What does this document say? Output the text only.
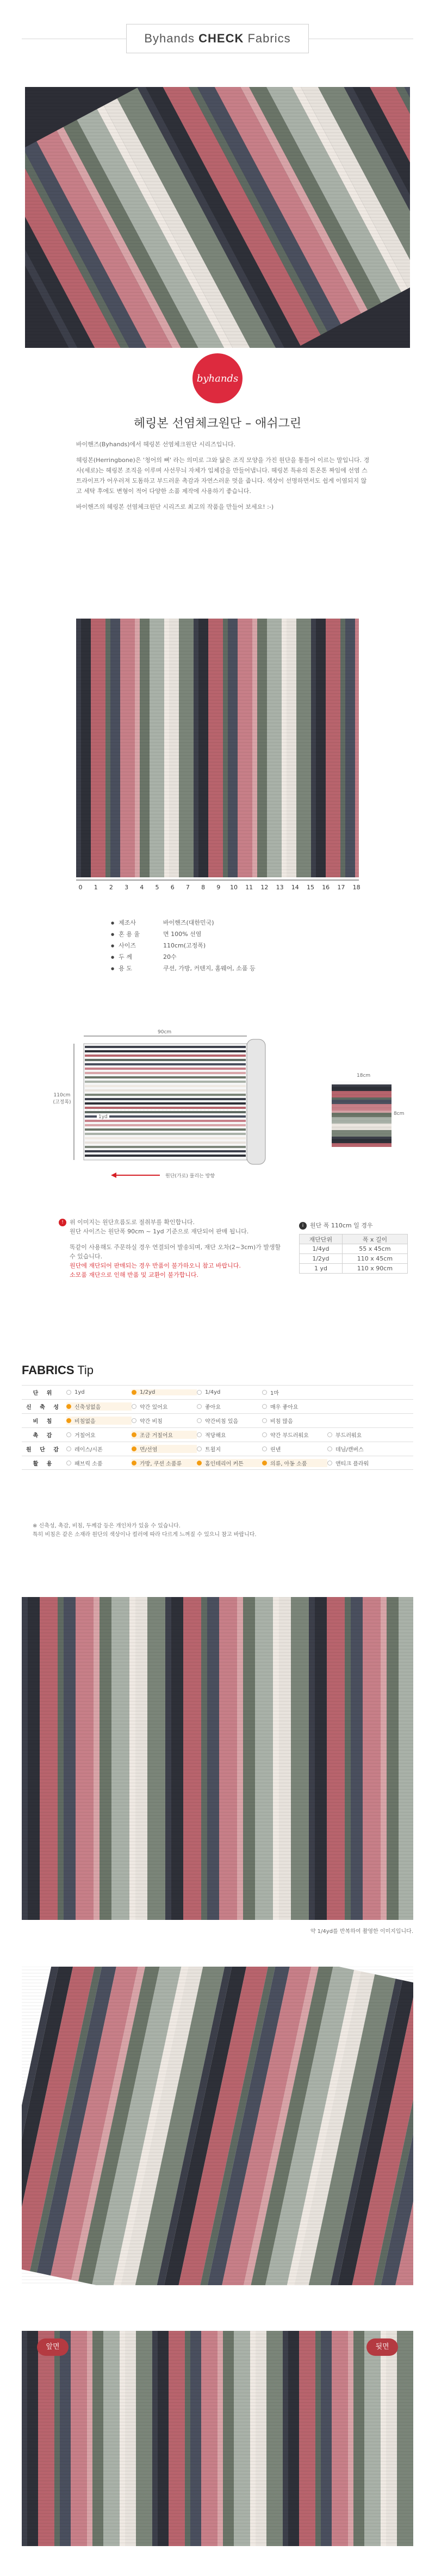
Byhands CHECK Fabrics
byhands
헤링본 선염체크원단 – 애쉬그린

바이핸즈(Byhands)에서 헤링본 선염체크원단 시리즈입니다.

헤링본(Herringbone)은 '청어의 뼈' 라는 의미로 그와 닮은 조직 모양을 가진 원단을 통틀어 이르는 말입니다. 경사(세로)는 헤링본 조직을 이루며 사선무늬 자체가 입체감을 만들어냅니다. 헤링본 특유의 톤온톤 짜임에 선염 스트라이프가 어우러져 도톰하고 부드러운 촉감과 자연스러운 멋을 줍니다. 색상이 선명하면서도 쉽게 이염되지 않고 세탁 후에도 변형이 적어 다양한 소품 제작에 사용하기 좋습니다.

바이핸즈의 헤링본 선염체크원단 시리즈로 최고의 작품을 만들어 보세요! :-)

0	1	2	3	4	5	6	7	8	9	10 11 12 13 14 15 16 17 18
● 제조사	바이핸즈(대한민국)
● 혼 용 율	면 100% 선염
● 사이즈	110cm(고정폭)
● 두 께	20수
● 용 도	쿠션, 가방, 커텐지, 홈웨어, 소품 등
90cm
110cm
(고정폭)
1yd
원단(가로) 풀리는 방향
18cm
8cm

! 위 이미지는 원단흐름도로 절취부를 확인합니다.

원단 사이즈는 원단폭 90cm ~ 1yd 기준으로 재단되어 판매 됩니다.

똑같이 사용해도 주문하실 경우 연결되어 발송되며, 재단 오차(2~3cm)가 발생할 수 있습니다.

원단에 재단되어 판매되는 경우 반품이 불가하오니 참고 바랍니다.

소모품 재단으로 인해 반품 및 교환이 불가합니다.

i 원단 폭 110cm 일 경우
재단단위	폭 x 길이
1/4yd	55 x 45cm
1/2yd	110 x 45cm
1 yd	110 x 90cm
FABRICS Tip
단 위	1yd	1/2yd	1/4yd	1마
신 축 성	신축성없음	약간 있어요	좋아요	매우 좋아요
비 침	비침없음	약간 비침	약간비침 있음	비침 많음
촉 감	거칠어요	조금 거칠어요	적당해요	약간 부드러워요	부드러워요
원 단 감	레이스/시폰	면/선염	트윌지	린넨	데님/캔버스
활 용	패브릭 소품	가방, 쿠션 소품류	홈인테리어 커튼	의류, 아동 소품	앤티크 플라워

※ 신축성, 촉감, 비침, 두께감 등은 개인차가 있을 수 있습니다.

특히 비침은 같은 소재라 원단의 색상이나 컬러에 따라 다르게 느껴질 수 있으니 참고 바랍니다.

약 1/4yd를 반복하여 촬영한 이미지입니다.
앞면	뒷면
